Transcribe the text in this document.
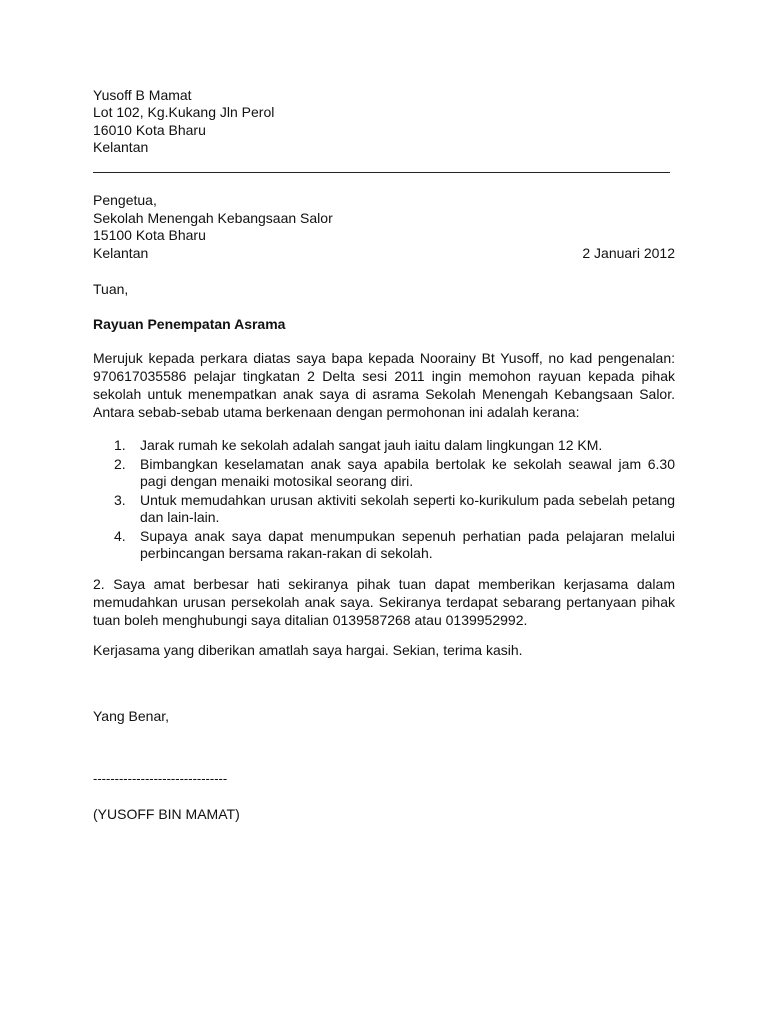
Yusoff B Mamat
Lot 102, Kg.Kukang Jln Perol
16010 Kota Bharu
Kelantan
Pengetua,
Sekolah Menengah Kebangsaan Salor
15100 Kota Bharu
Kelantan	2 Januari 2012
Tuan,
Rayuan Penempatan Asrama
Merujuk kepada perkara diatas saya bapa kepada Noorainy Bt Yusoff, no kad pengenalan: 970617035586 pelajar tingkatan 2 Delta sesi 2011 ingin memohon rayuan kepada pihak sekolah untuk menempatkan anak saya di asrama Sekolah Menengah Kebangsaan Salor. Antara sebab-sebab utama berkenaan dengan permohonan ini adalah kerana:
1. Jarak rumah ke sekolah adalah sangat jauh iaitu dalam lingkungan 12 KM.
2. Bimbangkan keselamatan anak saya apabila bertolak ke sekolah seawal jam 6.30 pagi dengan menaiki motosikal seorang diri.
3. Untuk memudahkan urusan aktiviti sekolah seperti ko-kurikulum pada sebelah petang dan lain-lain.
4. Supaya anak saya dapat menumpukan sepenuh perhatian pada pelajaran melalui perbincangan bersama rakan-rakan di sekolah.
2. Saya amat berbesar hati sekiranya pihak tuan dapat memberikan kerjasama dalam memudahkan urusan persekolah anak saya. Sekiranya terdapat sebarang pertanyaan pihak tuan boleh menghubungi saya ditalian 0139587268 atau 0139952992.
Kerjasama yang diberikan amatlah saya hargai. Sekian, terima kasih.
Yang Benar,
-------------------------------
(YUSOFF BIN MAMAT)
